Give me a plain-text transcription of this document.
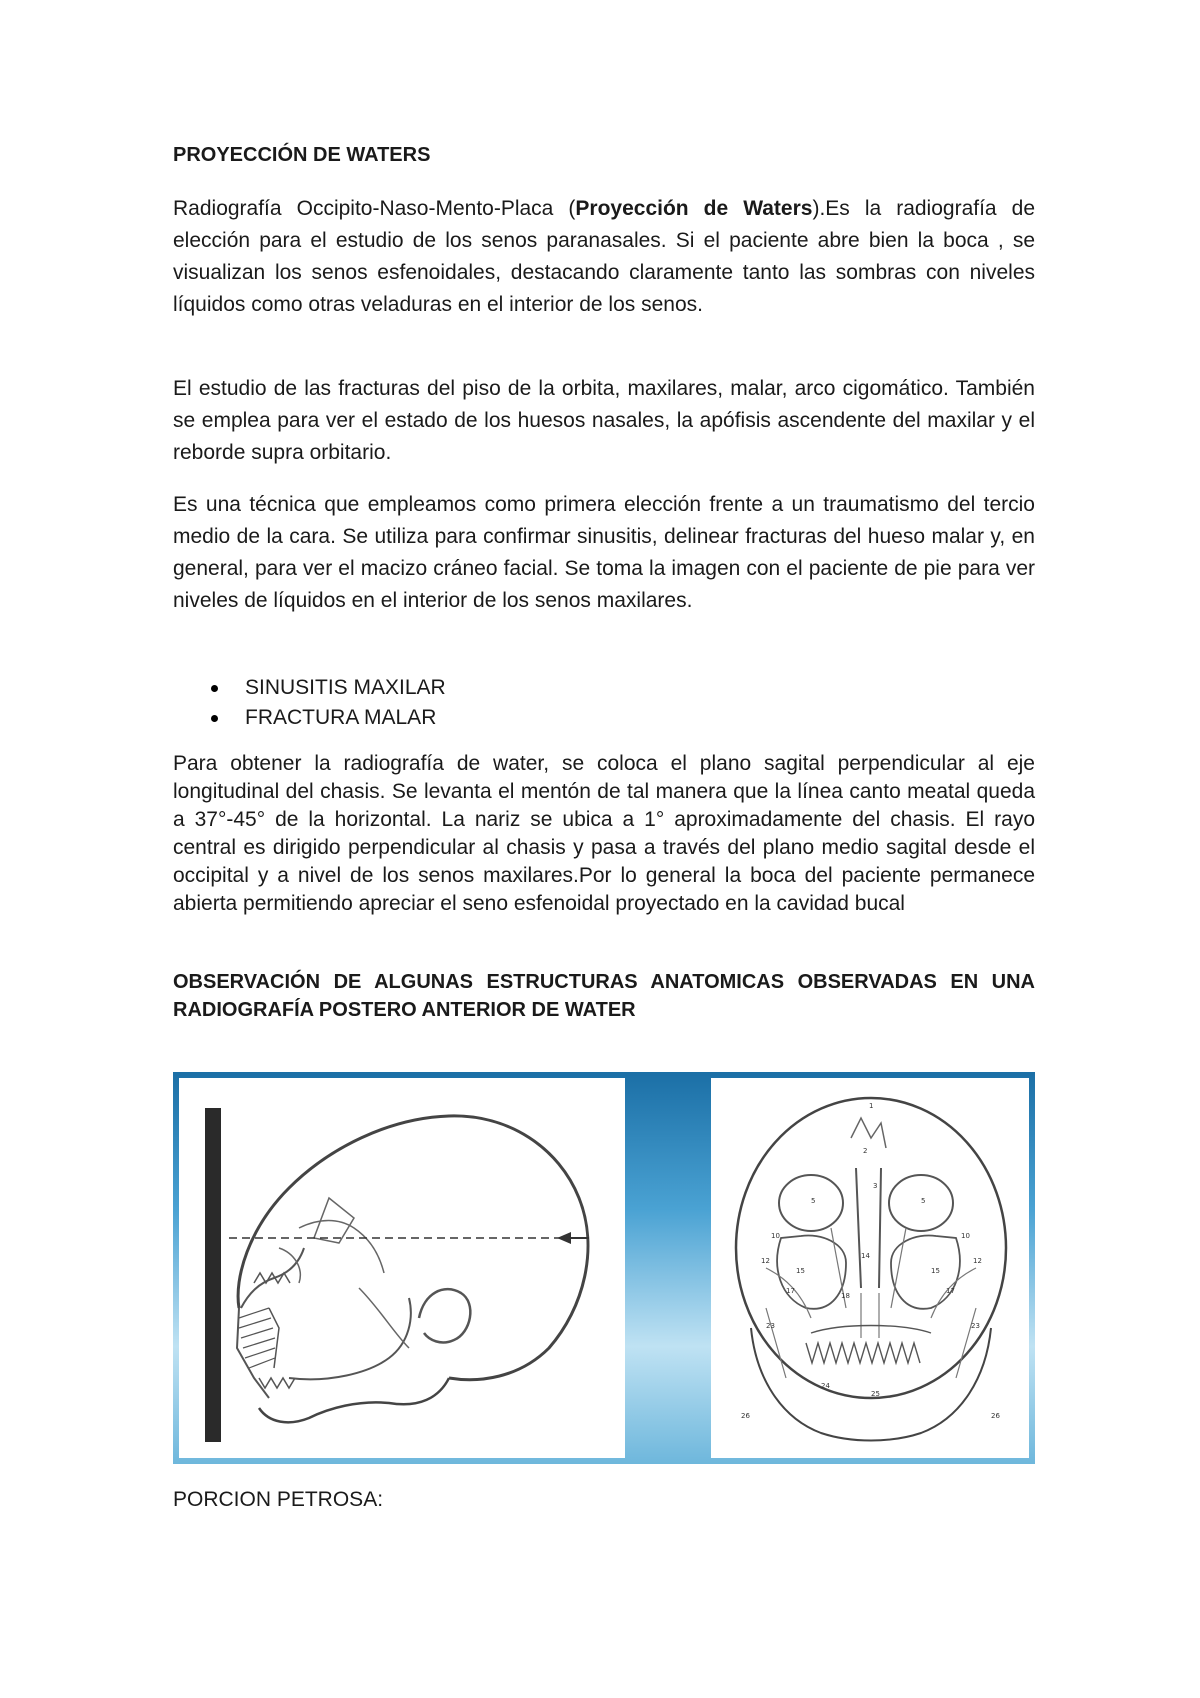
PROYECCIÓN DE WATERS

Radiografía Occipito-Naso-Mento-Placa (Proyección de Waters).Es la radiografía de elección para el estudio de los senos paranasales. Si el paciente abre bien la boca , se visualizan los senos esfenoidales, destacando claramente tanto las sombras con niveles líquidos como otras veladuras en el interior de los senos.

El estudio de las fracturas del piso de la orbita, maxilares, malar, arco cigomático. También se emplea para ver el estado de los huesos nasales, la apófisis ascendente del maxilar y el reborde supra orbitario.

Es una técnica que empleamos como primera elección frente a un traumatismo del tercio medio de la cara. Se utiliza para confirmar sinusitis, delinear fracturas del hueso malar y, en general, para ver el macizo cráneo facial. Se toma la imagen con el paciente de pie para ver niveles de líquidos en el interior de los senos maxilares.

SINUSITIS MAXILAR
FRACTURA MALAR

Para obtener la radiografía de water, se coloca el plano sagital perpendicular al eje longitudinal del chasis. Se levanta el mentón de tal manera que la línea canto meatal queda a 37°-45° de la horizontal. La nariz se ubica a 1° aproximadamente del chasis. El rayo central es dirigido perpendicular al chasis y pasa a través del plano medio sagital desde el occipital y a nivel de los senos maxilares.Por lo general la boca del paciente permanece abierta permitiendo apreciar el seno esfenoidal proyectado en la cavidad bucal

OBSERVACIÓN DE ALGUNAS ESTRUCTURAS ANATOMICAS OBSERVADAS EN UNA RADIOGRAFÍA POSTERO ANTERIOR DE WATER
1
2
3
5	5
10	10
12	12
15	15
14
18
17	17
23	23
26	26
24
25
PORCION PETROSA:
